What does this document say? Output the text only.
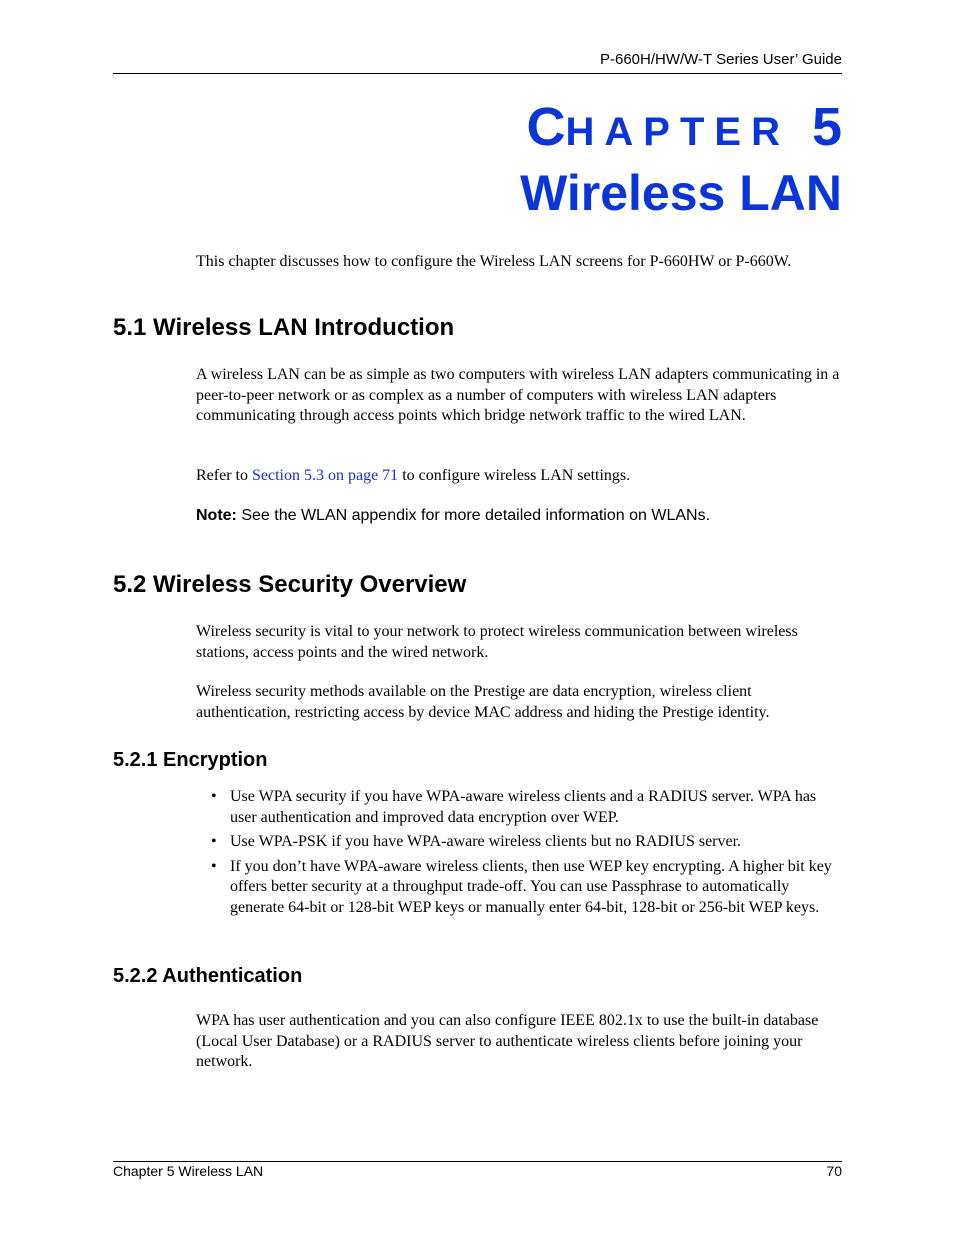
P-660H/HW/W-T Series User’ Guide
CHAPTER 5
Wireless LAN
This chapter discusses how to configure the Wireless LAN screens for P-660HW or P-660W.
5.1 Wireless LAN Introduction
A wireless LAN can be as simple as two computers with wireless LAN adapters communicating in a peer-to-peer network or as complex as a number of computers with wireless LAN adapters communicating through access points which bridge network traffic to the wired LAN.
Refer to Section 5.3 on page 71 to configure wireless LAN settings.
Note: See the WLAN appendix for more detailed information on WLANs.
5.2 Wireless Security Overview
Wireless security is vital to your network to protect wireless communication between wireless stations, access points and the wired network.
Wireless security methods available on the Prestige are data encryption, wireless client authentication, restricting access by device MAC address and hiding the Prestige identity.
5.2.1 Encryption
• Use WPA security if you have WPA-aware wireless clients and a RADIUS server. WPA has user authentication and improved data encryption over WEP.
• Use WPA-PSK if you have WPA-aware wireless clients but no RADIUS server.
• If you don’t have WPA-aware wireless clients, then use WEP key encrypting. A higher bit key offers better security at a throughput trade-off. You can use Passphrase to automatically generate 64-bit or 128-bit WEP keys or manually enter 64-bit, 128-bit or 256-bit WEP keys.
5.2.2 Authentication
WPA has user authentication and you can also configure IEEE 802.1x to use the built-in database (Local User Database) or a RADIUS server to authenticate wireless clients before joining your network.
Chapter 5 Wireless LAN	70
